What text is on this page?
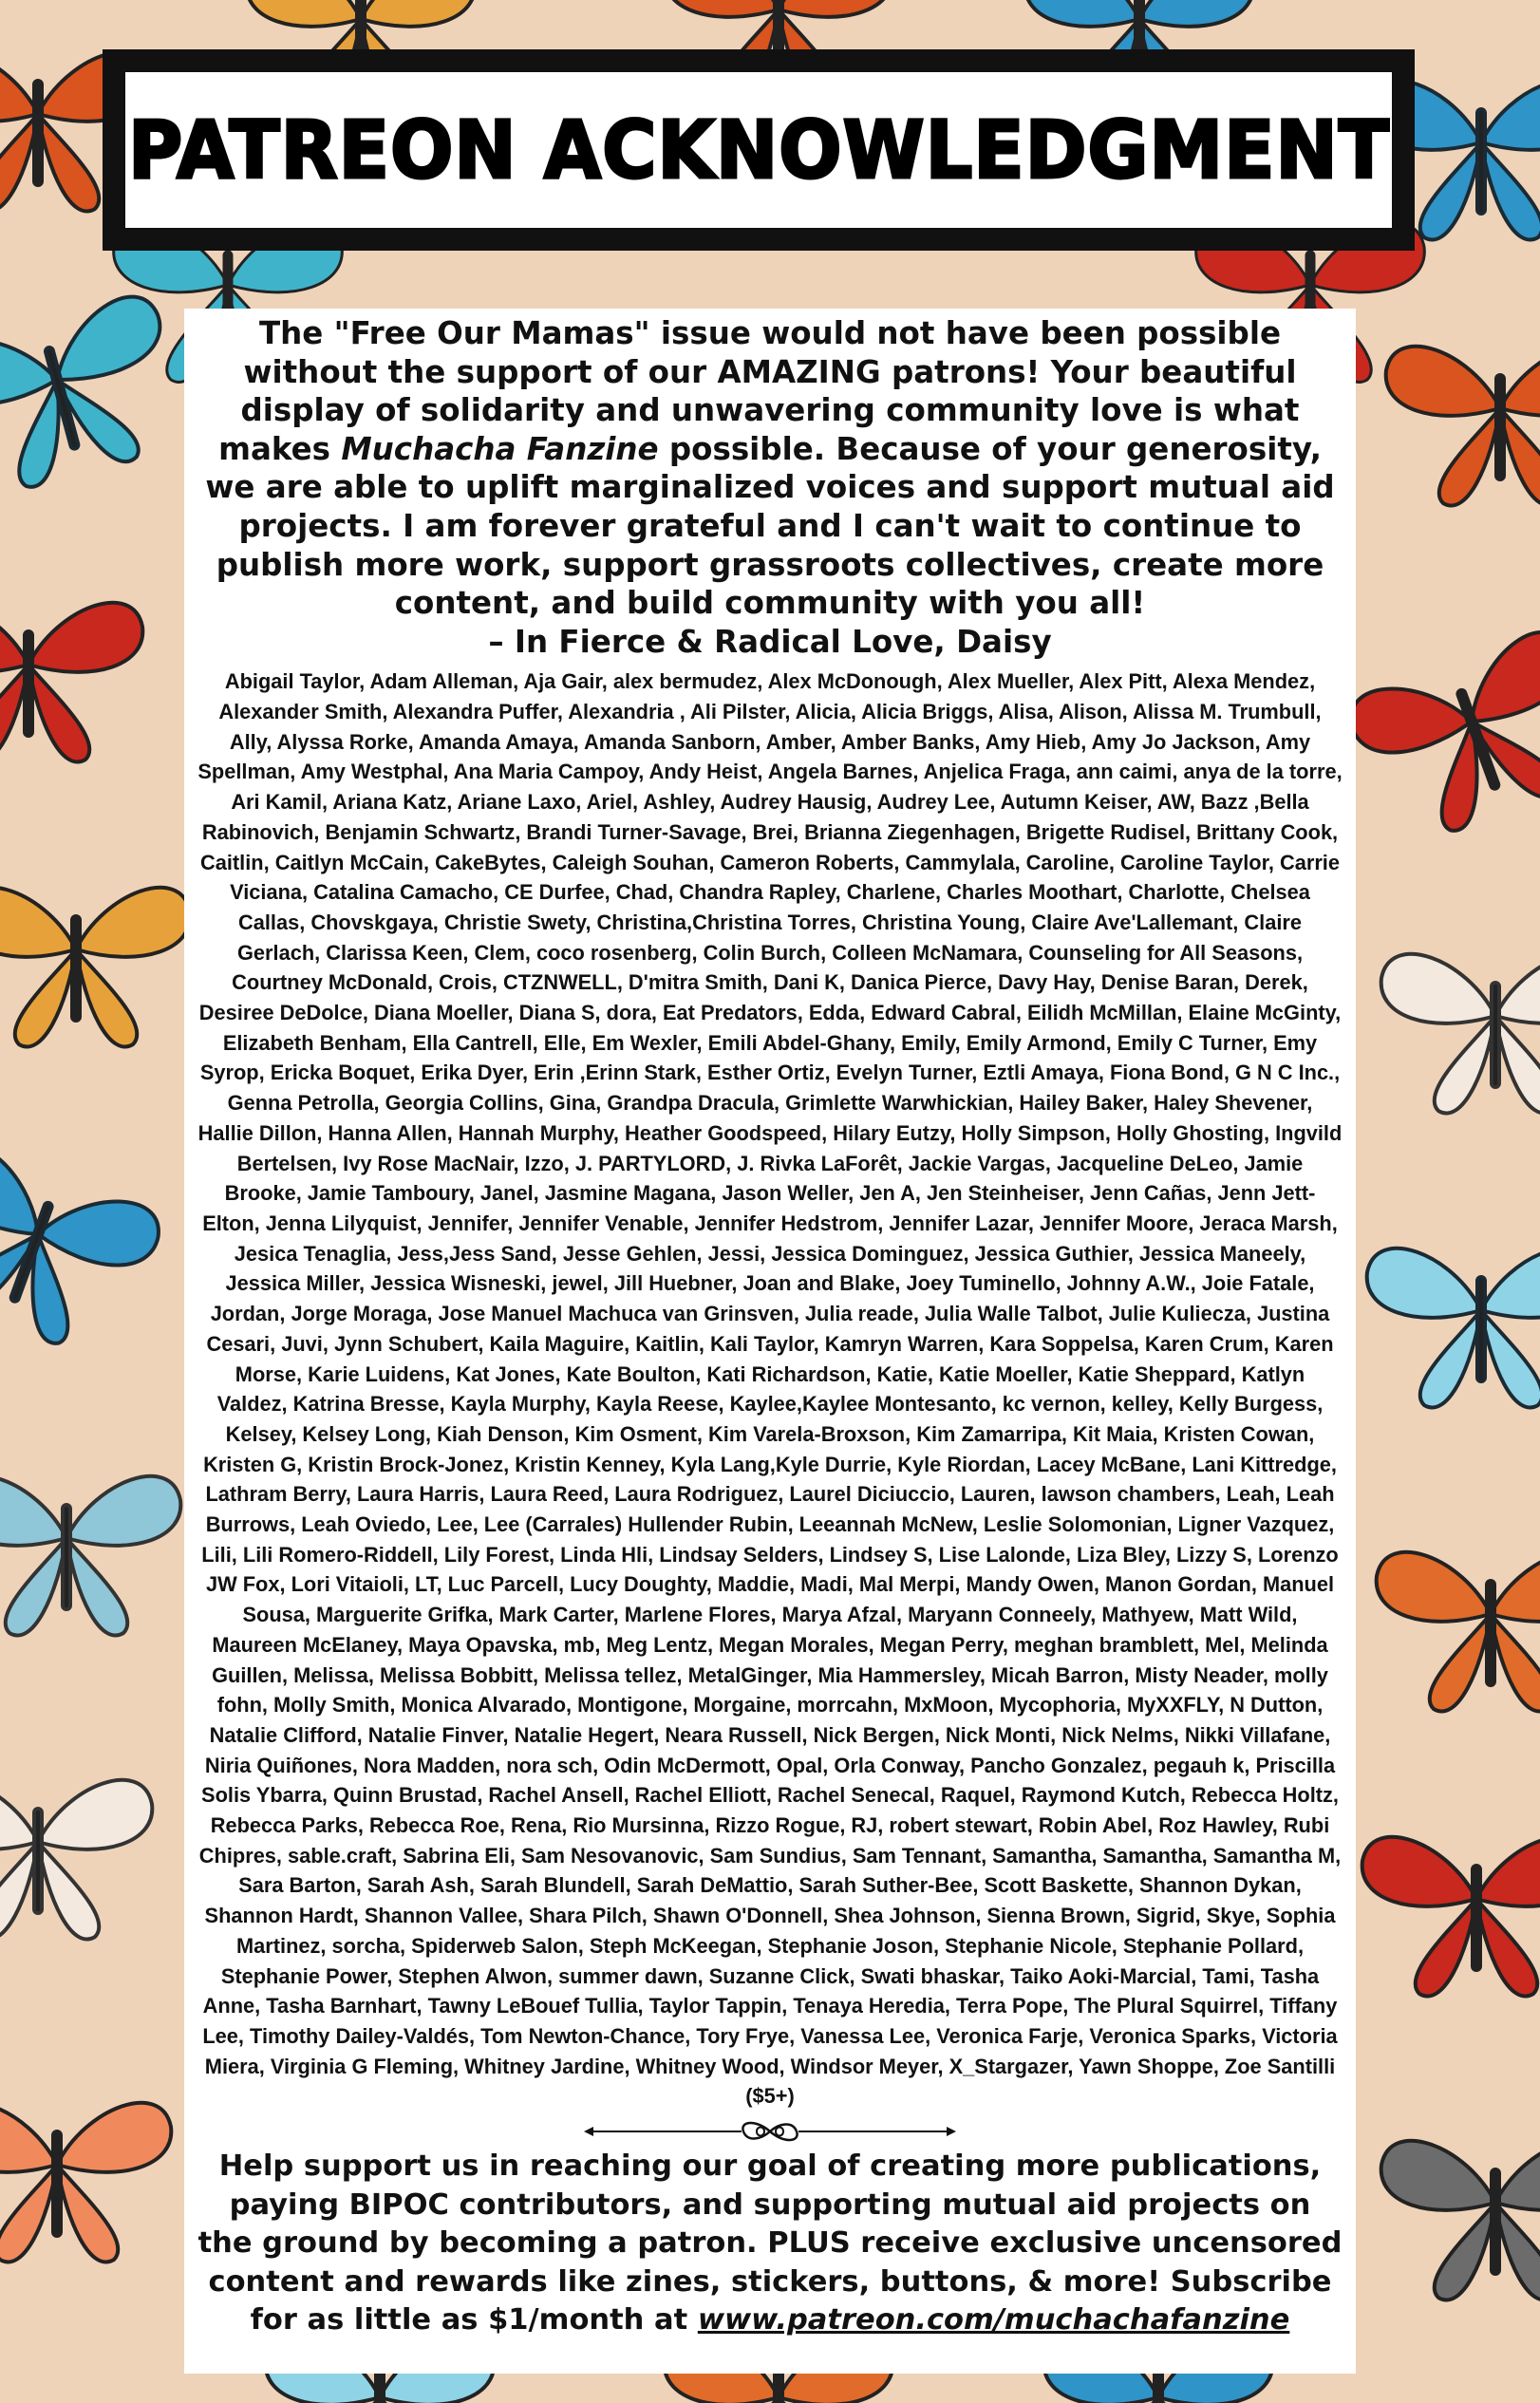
PATREON ACKNOWLEDGMENT

The "Free Our Mamas" issue would not have been possible without the support of our AMAZING patrons! Your beautiful display of solidarity and unwavering community love is what makes Muchacha Fanzine possible. Because of your generosity, we are able to uplift marginalized voices and support mutual aid projects. I am forever grateful and I can't wait to continue to publish more work, support grassroots collectives, create more content, and build community with you all!
– In Fierce & Radical Love, Daisy

Abigail Taylor, Adam Alleman, Aja Gair, alex bermudez, Alex McDonough, Alex Mueller, Alex Pitt, Alexa Mendez, Alexander Smith, Alexandra Puffer, Alexandria , Ali Pilster, Alicia, Alicia Briggs, Alisa, Alison, Alissa M. Trumbull, Ally, Alyssa Rorke, Amanda Amaya, Amanda Sanborn, Amber, Amber Banks, Amy Hieb, Amy Jo Jackson, Amy Spellman, Amy Westphal, Ana Maria Campoy, Andy Heist, Angela Barnes, Anjelica Fraga, ann caimi, anya de la torre, Ari Kamil, Ariana Katz, Ariane Laxo, Ariel, Ashley, Audrey Hausig, Audrey Lee, Autumn Keiser, AW, Bazz ,Bella Rabinovich, Benjamin Schwartz, Brandi Turner-Savage, Brei, Brianna Ziegenhagen, Brigette Rudisel, Brittany Cook, Caitlin, Caitlyn McCain, CakeBytes, Caleigh Souhan, Cameron Roberts, Cammylala, Caroline, Caroline Taylor, Carrie Viciana, Catalina Camacho, CE Durfee, Chad, Chandra Rapley, Charlene, Charles Moothart, Charlotte, Chelsea Callas, Chovskgaya, Christie Swety, Christina,Christina Torres, Christina Young, Claire Ave'Lallemant, Claire Gerlach, Clarissa Keen, Clem, coco rosenberg, Colin Burch, Colleen McNamara, Counseling for All Seasons, Courtney McDonald, Crois, CTZNWELL, D'mitra Smith, Dani K, Danica Pierce, Davy Hay, Denise Baran, Derek, Desiree DeDolce, Diana Moeller, Diana S, dora, Eat Predators, Edda, Edward Cabral, Eilidh McMillan, Elaine McGinty, Elizabeth Benham, Ella Cantrell, Elle, Em Wexler, Emili Abdel-Ghany, Emily, Emily Armond, Emily C Turner, Emy Syrop, Ericka Boquet, Erika Dyer, Erin ,Erinn Stark, Esther Ortiz, Evelyn Turner, Eztli Amaya, Fiona Bond, G N C Inc., Genna Petrolla, Georgia Collins, Gina, Grandpa Dracula, Grimlette Warwhickian, Hailey Baker, Haley Shevener, Hallie Dillon, Hanna Allen, Hannah Murphy, Heather Goodspeed, Hilary Eutzy, Holly Simpson, Holly Ghosting, Ingvild Bertelsen, Ivy Rose MacNair, Izzo, J. PARTYLORD, J. Rivka LaForêt, Jackie Vargas, Jacqueline DeLeo, Jamie Brooke, Jamie Tamboury, Janel, Jasmine Magana, Jason Weller, Jen A, Jen Steinheiser, Jenn Cañas, Jenn Jett-Elton, Jenna Lilyquist, Jennifer, Jennifer Venable, Jennifer Hedstrom, Jennifer Lazar, Jennifer Moore, Jeraca Marsh, Jesica Tenaglia, Jess,Jess Sand, Jesse Gehlen, Jessi, Jessica Dominguez, Jessica Guthier, Jessica Maneely, Jessica Miller, Jessica Wisneski, jewel, Jill Huebner, Joan and Blake, Joey Tuminello, Johnny A.W., Joie Fatale, Jordan, Jorge Moraga, Jose Manuel Machuca van Grinsven, Julia reade, Julia Walle Talbot, Julie Kuliecza, Justina Cesari, Juvi, Jynn Schubert, Kaila Maguire, Kaitlin, Kali Taylor, Kamryn Warren, Kara Soppelsa, Karen Crum, Karen Morse, Karie Luidens, Kat Jones, Kate Boulton, Kati Richardson, Katie, Katie Moeller, Katie Sheppard, Katlyn Valdez, Katrina Bresse, Kayla Murphy, Kayla Reese, Kaylee,Kaylee Montesanto, kc vernon, kelley, Kelly Burgess, Kelsey, Kelsey Long, Kiah Denson, Kim Osment, Kim Varela-Broxson, Kim Zamarripa, Kit Maia, Kristen Cowan, Kristen G, Kristin Brock-Jonez, Kristin Kenney, Kyla Lang,Kyle Durrie, Kyle Riordan, Lacey McBane, Lani Kittredge, Lathram Berry, Laura Harris, Laura Reed, Laura Rodriguez, Laurel Diciuccio, Lauren, lawson chambers, Leah, Leah Burrows, Leah Oviedo, Lee, Lee (Carrales) Hullender Rubin, Leeannah McNew, Leslie Solomonian, Ligner Vazquez, Lili, Lili Romero-Riddell, Lily Forest, Linda Hli, Lindsay Selders, Lindsey S, Lise Lalonde, Liza Bley, Lizzy S, Lorenzo JW Fox, Lori Vitaioli, LT, Luc Parcell, Lucy Doughty, Maddie, Madi, Mal Merpi, Mandy Owen, Manon Gordan, Manuel Sousa, Marguerite Grifka, Mark Carter, Marlene Flores, Marya Afzal, Maryann Conneely, Mathyew, Matt Wild, Maureen McElaney, Maya Opavska, mb, Meg Lentz, Megan Morales, Megan Perry, meghan bramblett, Mel, Melinda Guillen, Melissa, Melissa Bobbitt, Melissa tellez, MetalGinger, Mia Hammersley, Micah Barron, Misty Neader, molly fohn, Molly Smith, Monica Alvarado, Montigone, Morgaine, morrcahn, MxMoon, Mycophoria, MyXXFLY, N Dutton, Natalie Clifford, Natalie Finver, Natalie Hegert, Neara Russell, Nick Bergen, Nick Monti, Nick Nelms, Nikki Villafane, Niria Quiñones, Nora Madden, nora sch, Odin McDermott, Opal, Orla Conway, Pancho Gonzalez, pegauh k, Priscilla Solis Ybarra, Quinn Brustad, Rachel Ansell, Rachel Elliott, Rachel Senecal, Raquel, Raymond Kutch, Rebecca Holtz, Rebecca Parks, Rebecca Roe, Rena, Rio Mursinna, Rizzo Rogue, RJ, robert stewart, Robin Abel, Roz Hawley, Rubi Chipres, sable.craft, Sabrina Eli, Sam Nesovanovic, Sam Sundius, Sam Tennant, Samantha, Samantha, Samantha M, Sara Barton, Sarah Ash, Sarah Blundell, Sarah DeMattio, Sarah Suther-Bee, Scott Baskette, Shannon Dykan, Shannon Hardt, Shannon Vallee, Shara Pilch, Shawn O'Donnell, Shea Johnson, Sienna Brown, Sigrid, Skye, Sophia Martinez, sorcha, Spiderweb Salon, Steph McKeegan, Stephanie Joson, Stephanie Nicole, Stephanie Pollard, Stephanie Power, Stephen Alwon, summer dawn, Suzanne Click, Swati bhaskar, Taiko Aoki-Marcial, Tami, Tasha Anne, Tasha Barnhart, Tawny LeBouef Tullia, Taylor Tappin, Tenaya Heredia, Terra Pope, The Plural Squirrel, Tiffany Lee, Timothy Dailey-Valdés, Tom Newton-Chance, Tory Frye, Vanessa Lee, Veronica Farje, Veronica Sparks, Victoria Miera, Virginia G Fleming, Whitney Jardine, Whitney Wood, Windsor Meyer, X_Stargazer, Yawn Shoppe, Zoe Santilli ($5+)

Help support us in reaching our goal of creating more publications, paying BIPOC contributors, and supporting mutual aid projects on the ground by becoming a patron. PLUS receive exclusive uncensored content and rewards like zines, stickers, buttons, & more! Subscribe for as little as $1/month at www.patreon.com/muchachafanzine
